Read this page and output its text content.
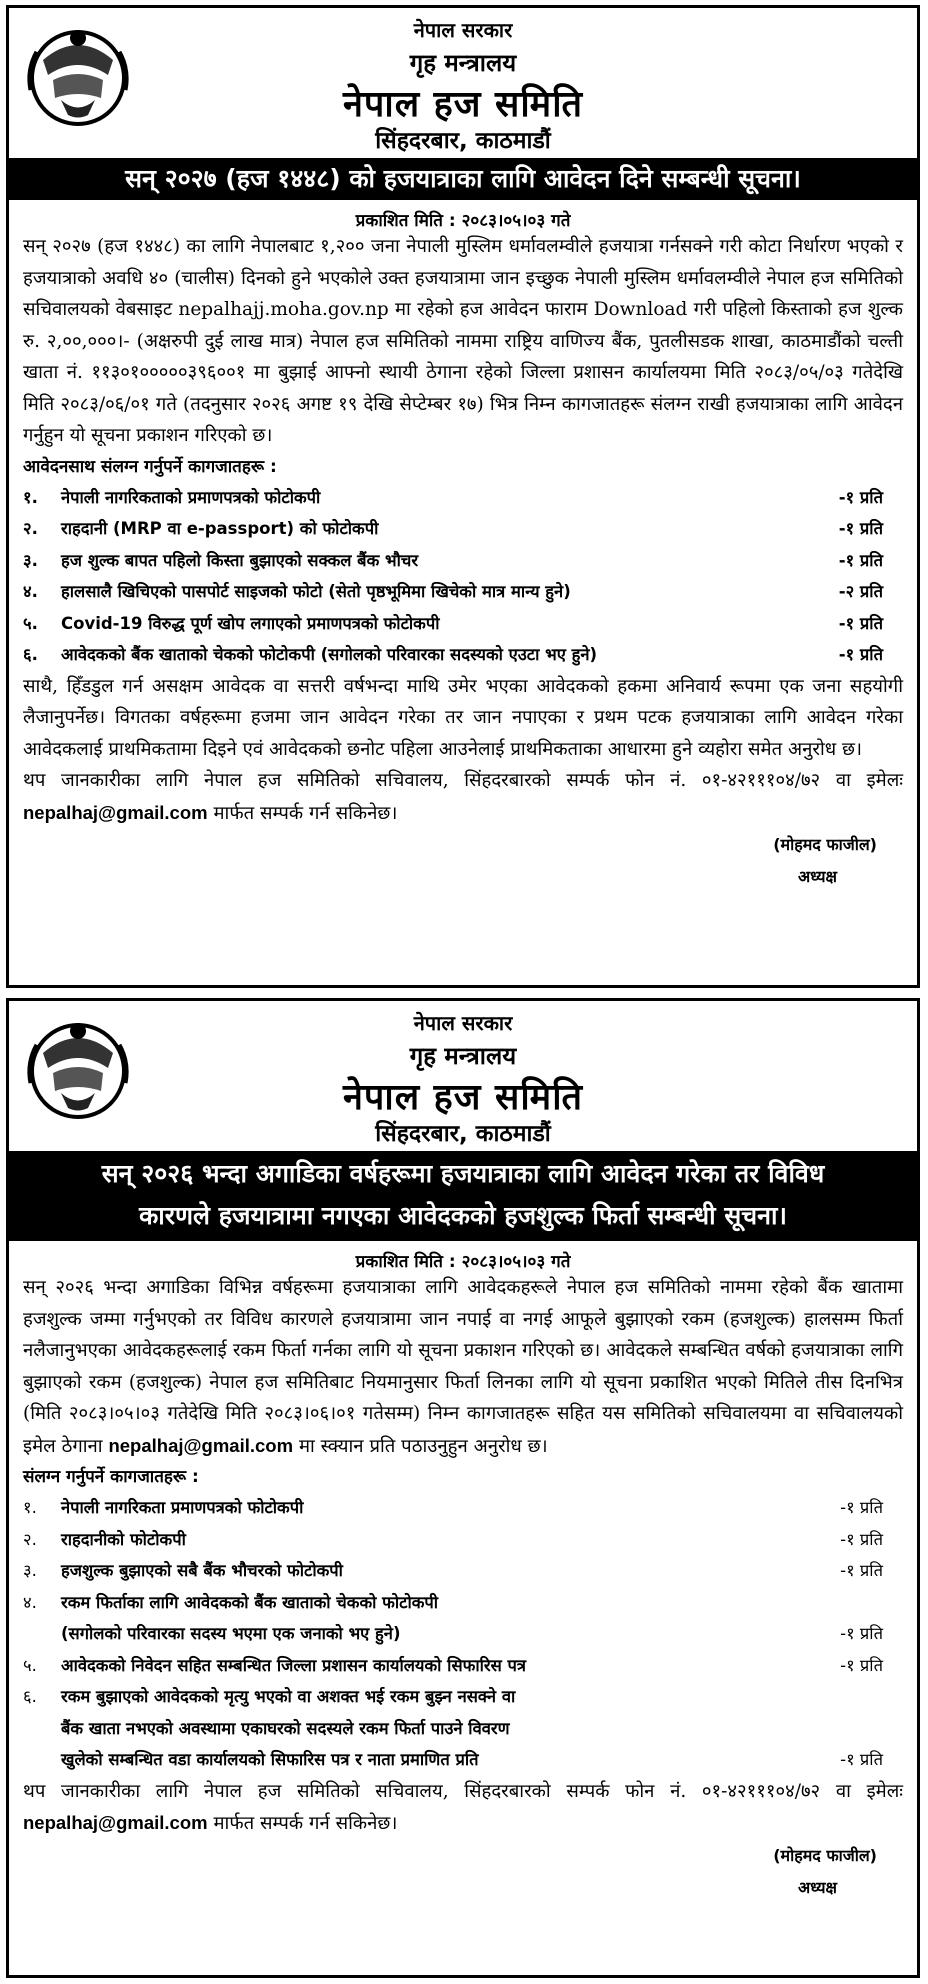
नेपाल सरकार
गृह मन्त्रालय
नेपाल हज समिति
सिंहदरबार, काठमाडौं
सन् २०२७ (हज १४४८) को हजयात्राका लागि आवेदन दिने सम्बन्धी सूचना।
प्रकाशित मिति : २०८३।०५।०३ गते
सन् २०२७ (हज १४४८) का लागि नेपालबाट १,२०० जना नेपाली मुस्लिम धर्मावलम्वीले हजयात्रा गर्नसक्ने गरी कोटा निर्धारण भएको र हजयात्राको अवधि ४० (चालीस) दिनको हुने भएकोले उक्त हजयात्रामा जान इच्छुक नेपाली मुस्लिम धर्मावलम्वीले नेपाल हज समितिको सचिवालयको वेबसाइट nepalhajj.moha.gov.np मा रहेको हज आवेदन फाराम Download गरी पहिलो किस्ताको हज शुल्क रु. २,००,०००।- (अक्षरुपी दुई लाख मात्र) नेपाल हज समितिको नाममा राष्ट्रिय वाणिज्य बैंक, पुतलीसडक शाखा, काठमाडौंको चल्ती खाता नं. ११३०१०००००३९६००१ मा बुझाई आफ्नो स्थायी ठेगाना रहेको जिल्ला प्रशासन कार्यालयमा मिति २०८३/०५/०३ गतेदेखि मिति २०८३/०६/०१ गते (तदनुसार २०२६ अगष्ट १९ देखि सेप्टेम्बर १७) भित्र निम्न कागजातहरू संलग्न राखी हजयात्राका लागि आवेदन गर्नुहुन यो सूचना प्रकाशन गरिएको छ।
आवेदनसाथ संलग्न गर्नुपर्ने कागजातहरू :
१.	नेपाली नागरिकताको प्रमाणपत्रको फोटोकपी	-१ प्रति
२.	राहदानी (MRP वा e-passport) को फोटोकपी	-१ प्रति
३.	हज शुल्क बापत पहिलो किस्ता बुझाएको सक्कल बैंक भौचर	-१ प्रति
४.	हालसालै खिचिएको पासपोर्ट साइजको फोटो (सेतो पृष्ठभूमिमा खिचेको मात्र मान्य हुने)	-२ प्रति
५.	Covid-19 विरुद्ध पूर्ण खोप लगाएको प्रमाणपत्रको फोटोकपी	-१ प्रति
६.	आवेदकको बैंक खाताको चेकको फोटोकपी (सगोलको परिवारका सदस्यको एउटा भए हुने)	-१ प्रति
साथै, हिँडडुल गर्न असक्षम आवेदक वा सत्तरी वर्षभन्दा माथि उमेर भएका आवेदकको हकमा अनिवार्य रूपमा एक जना सहयोगी लैजानुपर्नेछ। विगतका वर्षहरूमा हजमा जान आवेदन गरेका तर जान नपाएका र प्रथम पटक हजयात्राका लागि आवेदन गरेका आवेदकलाई प्राथमिकतामा दिइने एवं आवेदकको छनोट पहिला आउनेलाई प्राथमिकताका आधारमा हुने व्यहोरा समेत अनुरोध छ।
थप जानकारीका लागि नेपाल हज समितिको सचिवालय, सिंहदरबारको सम्पर्क फोन नं. ०१-४२१११०४/७२ वा इमेलः nepalhaj@gmail.com मार्फत सम्पर्क गर्न सकिनेछ।
(मोहमद फाजील)
अध्यक्ष
नेपाल सरकार
गृह मन्त्रालय
नेपाल हज समिति
सिंहदरबार, काठमाडौं
सन् २०२६ भन्दा अगाडिका वर्षहरूमा हजयात्राका लागि आवेदन गरेका तर विविध
कारणले हजयात्रामा नगएका आवेदकको हजशुल्क फिर्ता सम्बन्धी सूचना।
प्रकाशित मिति : २०८३।०५।०३ गते
सन् २०२६ भन्दा अगाडिका विभिन्न वर्षहरूमा हजयात्राका लागि आवेदकहरूले नेपाल हज समितिको नाममा रहेको बैंक खातामा हजशुल्क जम्मा गर्नुभएको तर विविध कारणले हजयात्रामा जान नपाई वा नगई आफूले बुझाएको रकम (हजशुल्क) हालसम्म फिर्ता नलैजानुभएका आवेदकहरूलाई रकम फिर्ता गर्नका लागि यो सूचना प्रकाशन गरिएको छ। आवेदकले सम्बन्धित वर्षको हजयात्राका लागि बुझाएको रकम (हजशुल्क) नेपाल हज समितिबाट नियमानुसार फिर्ता लिनका लागि यो सूचना प्रकाशित भएको मितिले तीस दिनभित्र (मिति २०८३।०५।०३ गतेदेखि मिति २०८३।०६।०१ गतेसम्म) निम्न कागजातहरू सहित यस समितिको सचिवालयमा वा सचिवालयको इमेल ठेगाना nepalhaj@gmail.com मा स्क्यान प्रति पठाउनुहुन अनुरोध छ।
संलग्न गर्नुपर्ने कागजातहरू :
१.	नेपाली नागरिकता प्रमाणपत्रको फोटोकपी	-१ प्रति
२.	राहदानीको फोटोकपी	-१ प्रति
३.	हजशुल्क बुझाएको सबै बैंक भौचरको फोटोकपी	-१ प्रति
४.	रकम फिर्ताका लागि आवेदकको बैंक खाताको चेकको फोटोकपी
(सगोलको परिवारका सदस्य भएमा एक जनाको भए हुने)	-१ प्रति
५.	आवेदकको निवेदन सहित सम्बन्धित जिल्ला प्रशासन कार्यालयको सिफारिस पत्र	-१ प्रति
६.	रकम बुझाएको आवेदकको मृत्यु भएको वा अशक्त भई रकम बुझ्न नसक्ने वा
बैंक खाता नभएको अवस्थामा एकाघरको सदस्यले रकम फिर्ता पाउने विवरण
खुलेको सम्बन्धित वडा कार्यालयको सिफारिस पत्र र नाता प्रमाणित प्रति	-१ प्रति
थप जानकारीका लागि नेपाल हज समितिको सचिवालय, सिंहदरबारको सम्पर्क फोन नं. ०१-४२१११०४/७२ वा इमेलः nepalhaj@gmail.com मार्फत सम्पर्क गर्न सकिनेछ।
(मोहमद फाजील)
अध्यक्ष
